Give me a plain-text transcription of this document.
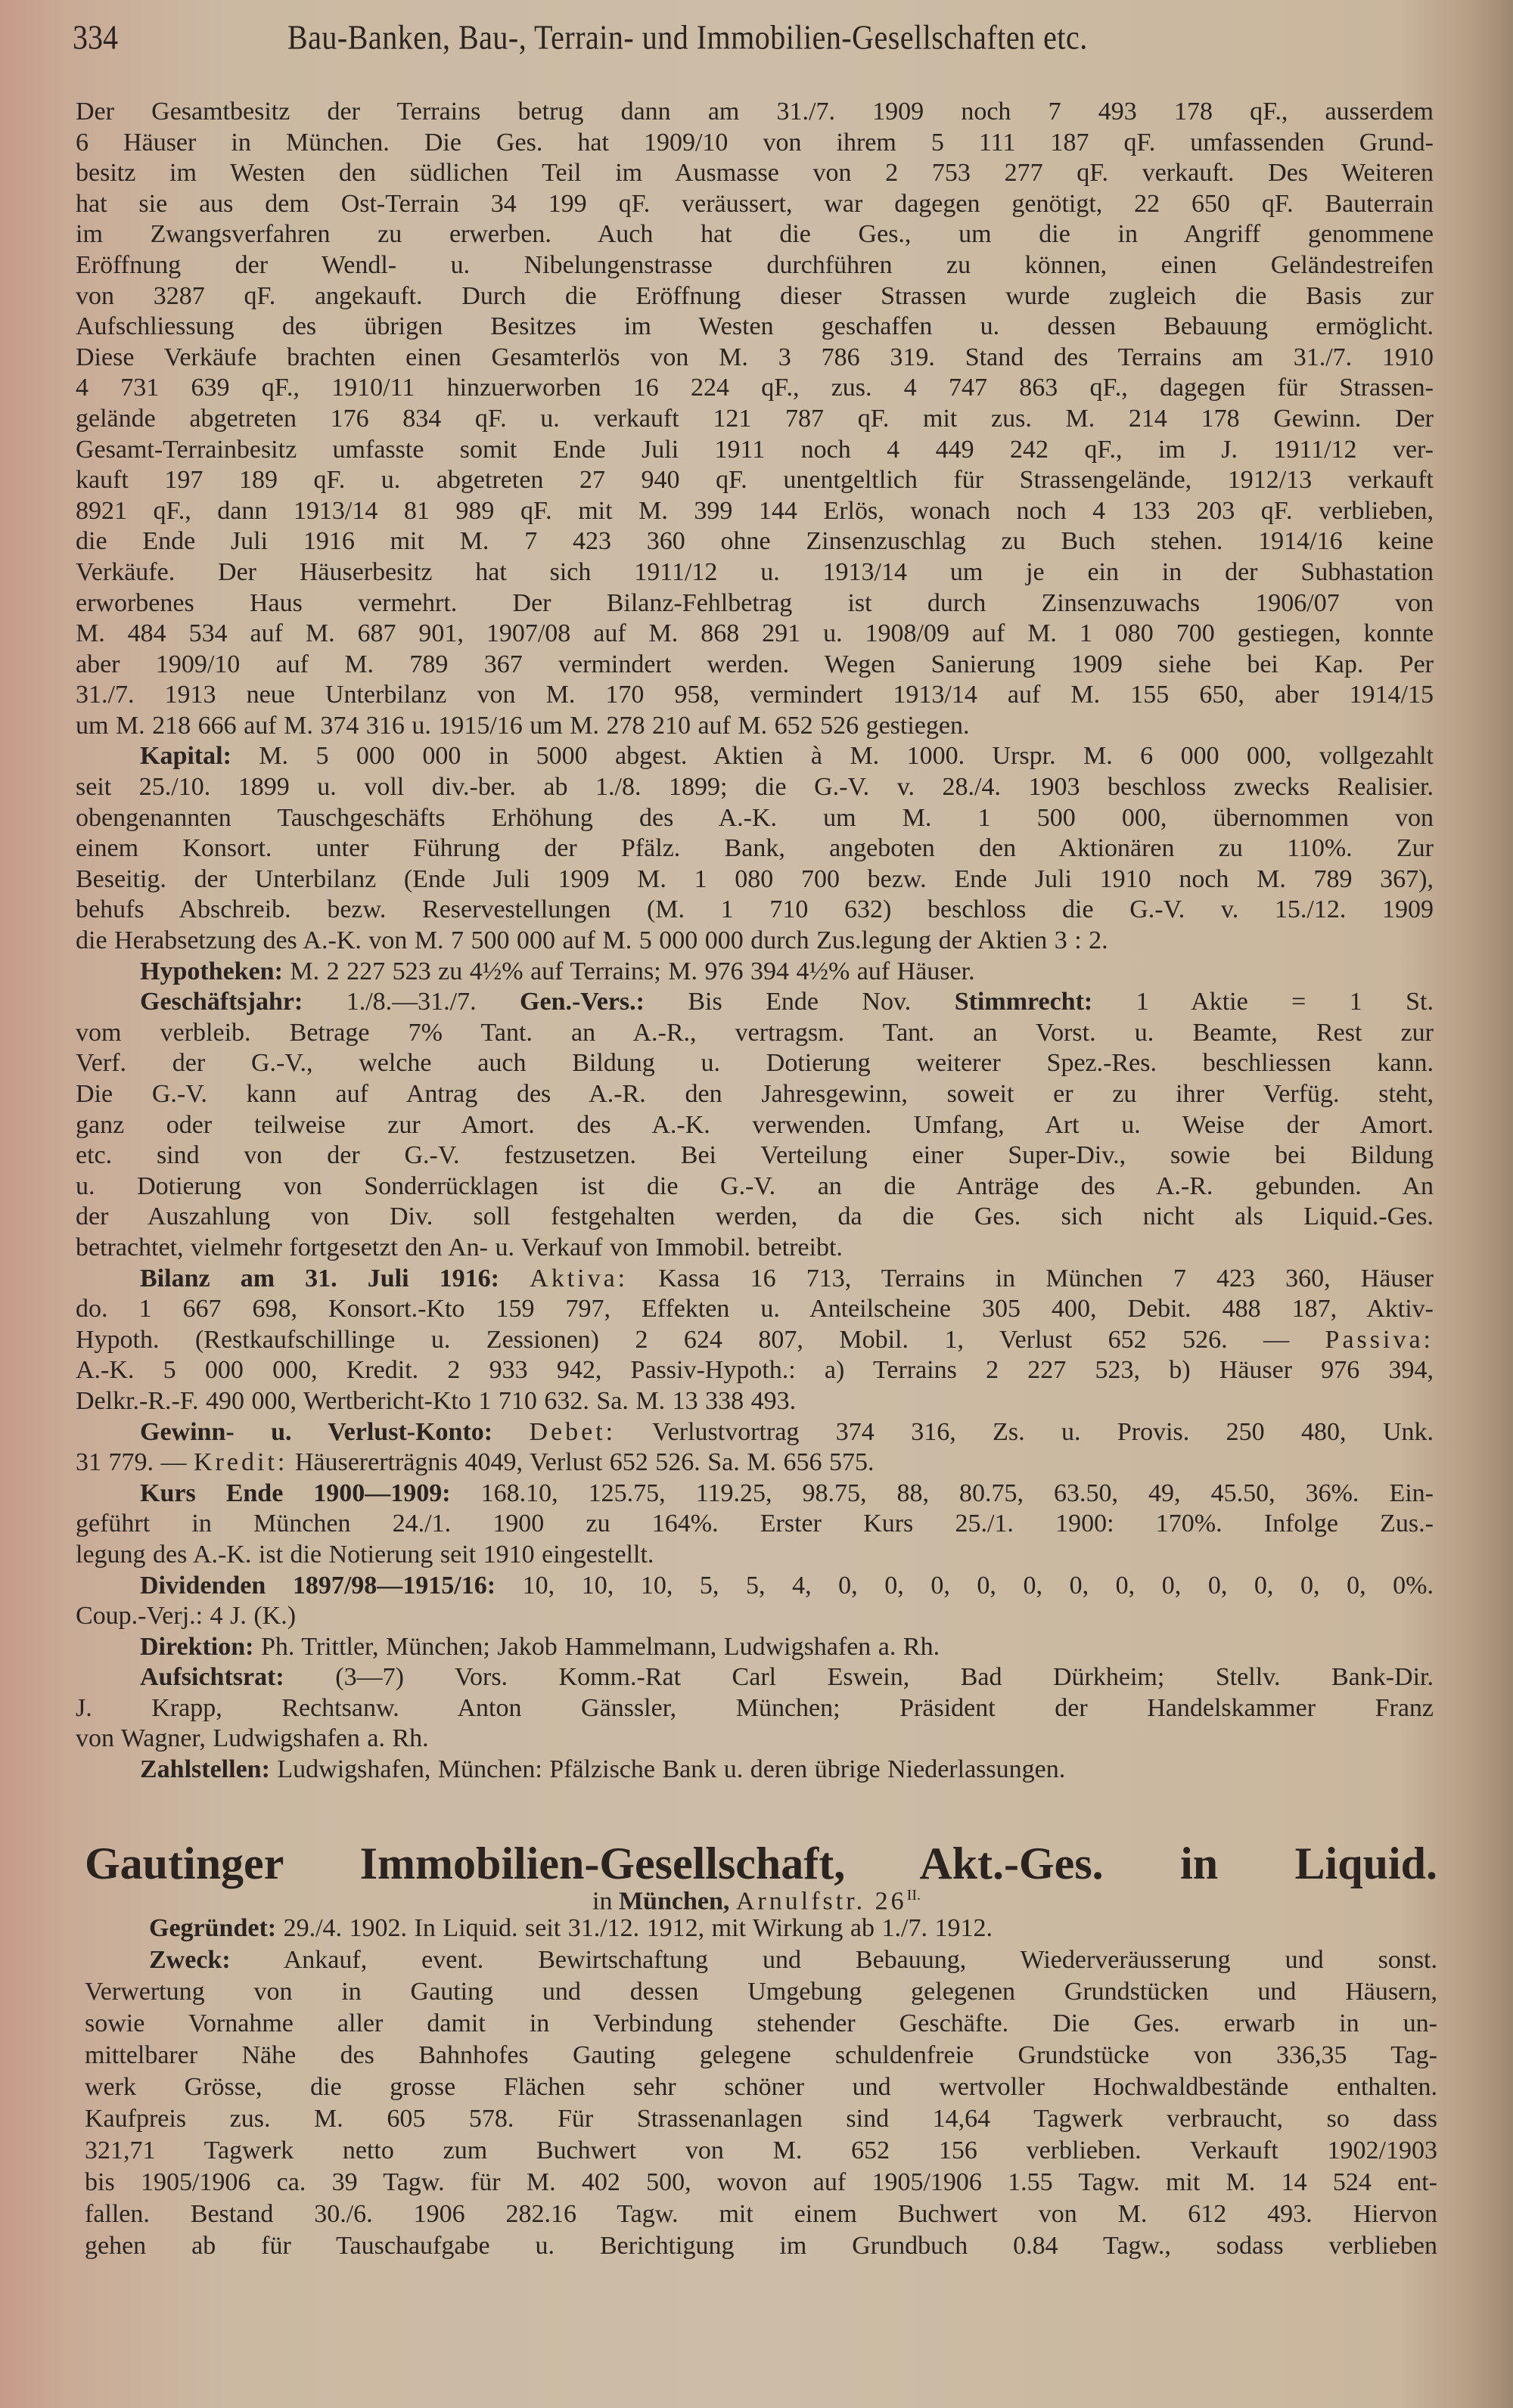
334	Bau-Banken, Bau-, Terrain- und Immobilien-Gesellschaften etc.
Der Gesamtbesitz der Terrains betrug dann am 31./7. 1909 noch 7 493 178 qF., ausserdem
6 Häuser in München. Die Ges. hat 1909/10 von ihrem 5 111 187 qF. umfassenden Grund-
besitz im Westen den südlichen Teil im Ausmasse von 2 753 277 qF. verkauft. Des Weiteren
hat sie aus dem Ost-Terrain 34 199 qF. veräussert, war dagegen genötigt, 22 650 qF. Bauterrain
im Zwangsverfahren zu erwerben. Auch hat die Ges., um die in Angriff genommene
Eröffnung der Wendl- u. Nibelungenstrasse durchführen zu können, einen Geländestreifen
von 3287 qF. angekauft. Durch die Eröffnung dieser Strassen wurde zugleich die Basis zur
Aufschliessung des übrigen Besitzes im Westen geschaffen u. dessen Bebauung ermöglicht.
Diese Verkäufe brachten einen Gesamterlös von M. 3 786 319. Stand des Terrains am 31./7. 1910
4 731 639 qF., 1910/11 hinzuerworben 16 224 qF., zus. 4 747 863 qF., dagegen für Strassen-
gelände abgetreten 176 834 qF. u. verkauft 121 787 qF. mit zus. M. 214 178 Gewinn. Der
Gesamt-Terrainbesitz umfasste somit Ende Juli 1911 noch 4 449 242 qF., im J. 1911/12 ver-
kauft 197 189 qF. u. abgetreten 27 940 qF. unentgeltlich für Strassengelände, 1912/13 verkauft
8921 qF., dann 1913/14 81 989 qF. mit M. 399 144 Erlös, wonach noch 4 133 203 qF. verblieben,
die Ende Juli 1916 mit M. 7 423 360 ohne Zinsenzuschlag zu Buch stehen. 1914/16 keine
Verkäufe. Der Häuserbesitz hat sich 1911/12 u. 1913/14 um je ein in der Subhastation
erworbenes Haus vermehrt. Der Bilanz-Fehlbetrag ist durch Zinsenzuwachs 1906/07 von
M. 484 534 auf M. 687 901, 1907/08 auf M. 868 291 u. 1908/09 auf M. 1 080 700 gestiegen, konnte
aber 1909/10 auf M. 789 367 vermindert werden. Wegen Sanierung 1909 siehe bei Kap. Per
31./7. 1913 neue Unterbilanz von M. 170 958, vermindert 1913/14 auf M. 155 650, aber 1914/15
um M. 218 666 auf M. 374 316 u. 1915/16 um M. 278 210 auf M. 652 526 gestiegen.
Kapital: M. 5 000 000 in 5000 abgest. Aktien à M. 1000. Urspr. M. 6 000 000, vollgezahlt
seit 25./10. 1899 u. voll div.-ber. ab 1./8. 1899; die G.-V. v. 28./4. 1903 beschloss zwecks Realisier.
obengenannten Tauschgeschäfts Erhöhung des A.-K. um M. 1 500 000, übernommen von
einem Konsort. unter Führung der Pfälz. Bank, angeboten den Aktionären zu 110%. Zur
Beseitig. der Unterbilanz (Ende Juli 1909 M. 1 080 700 bezw. Ende Juli 1910 noch M. 789 367),
behufs Abschreib. bezw. Reservestellungen (M. 1 710 632) beschloss die G.-V. v. 15./12. 1909
die Herabsetzung des A.-K. von M. 7 500 000 auf M. 5 000 000 durch Zus.legung der Aktien 3 : 2.
Hypotheken: M. 2 227 523 zu 4½% auf Terrains; M. 976 394 4½% auf Häuser.
Geschäftsjahr: 1./8.—31./7. Gen.-Vers.: Bis Ende Nov. Stimmrecht: 1 Aktie = 1 St.
vom verbleib. Betrage 7% Tant. an A.-R., vertragsm. Tant. an Vorst. u. Beamte, Rest zur
Verf. der G.-V., welche auch Bildung u. Dotierung weiterer Spez.-Res. beschliessen kann.
Die G.-V. kann auf Antrag des A.-R. den Jahresgewinn, soweit er zu ihrer Verfüg. steht,
ganz oder teilweise zur Amort. des A.-K. verwenden. Umfang, Art u. Weise der Amort.
etc. sind von der G.-V. festzusetzen. Bei Verteilung einer Super-Div., sowie bei Bildung
u. Dotierung von Sonderrücklagen ist die G.-V. an die Anträge des A.-R. gebunden. An
der Auszahlung von Div. soll festgehalten werden, da die Ges. sich nicht als Liquid.-Ges.
betrachtet, vielmehr fortgesetzt den An- u. Verkauf von Immobil. betreibt.
Bilanz am 31. Juli 1916: Aktiva: Kassa 16 713, Terrains in München 7 423 360, Häuser
do. 1 667 698, Konsort.-Kto 159 797, Effekten u. Anteilscheine 305 400, Debit. 488 187, Aktiv-
Hypoth. (Restkaufschillinge u. Zessionen) 2 624 807, Mobil. 1, Verlust 652 526. — Passiva:
A.-K. 5 000 000, Kredit. 2 933 942, Passiv-Hypoth.: a) Terrains 2 227 523, b) Häuser 976 394,
Delkr.-R.-F. 490 000, Wertbericht-Kto 1 710 632. Sa. M. 13 338 493.
Gewinn- u. Verlust-Konto: Debet: Verlustvortrag 374 316, Zs. u. Provis. 250 480, Unk.
31 779. — Kredit: Häusererträgnis 4049, Verlust 652 526. Sa. M. 656 575.
Kurs Ende 1900—1909: 168.10, 125.75, 119.25, 98.75, 88, 80.75, 63.50, 49, 45.50, 36%. Ein-
geführt in München 24./1. 1900 zu 164%. Erster Kurs 25./1. 1900: 170%. Infolge Zus.-
legung des A.-K. ist die Notierung seit 1910 eingestellt.
Dividenden 1897/98—1915/16: 10, 10, 10, 5, 5, 4, 0, 0, 0, 0, 0, 0, 0, 0, 0, 0, 0, 0, 0%.
Coup.-Verj.: 4 J. (K.)
Direktion: Ph. Trittler, München; Jakob Hammelmann, Ludwigshafen a. Rh.
Aufsichtsrat: (3—7) Vors. Komm.-Rat Carl Eswein, Bad Dürkheim; Stellv. Bank-Dir.
J. Krapp, Rechtsanw. Anton Gänssler, München; Präsident der Handelskammer Franz
von Wagner, Ludwigshafen a. Rh.
Zahlstellen: Ludwigshafen, München: Pfälzische Bank u. deren übrige Niederlassungen.
Gautinger Immobilien-Gesellschaft, Akt.-Ges. in Liquid.
in München, Arnulfstr. $26^{II.}$
Gegründet: 29./4. 1902. In Liquid. seit 31./12. 1912, mit Wirkung ab 1./7. 1912.
Zweck: Ankauf, event. Bewirtschaftung und Bebauung, Wiederveräusserung und sonst.
Verwertung von in Gauting und dessen Umgebung gelegenen Grundstücken und Häusern,
sowie Vornahme aller damit in Verbindung stehender Geschäfte. Die Ges. erwarb in un-
mittelbarer Nähe des Bahnhofes Gauting gelegene schuldenfreie Grundstücke von 336,35 Tag-
werk Grösse, die grosse Flächen sehr schöner und wertvoller Hochwaldbestände enthalten.
Kaufpreis zus. M. 605 578. Für Strassenanlagen sind 14,64 Tagwerk verbraucht, so dass
321,71 Tagwerk netto zum Buchwert von M. 652 156 verblieben. Verkauft 1902/1903
bis 1905/1906 ca. 39 Tagw. für M. 402 500, wovon auf 1905/1906 1.55 Tagw. mit M. 14 524 ent-
fallen. Bestand 30./6. 1906 282.16 Tagw. mit einem Buchwert von M. 612 493. Hiervon
gehen ab für Tauschaufgabe u. Berichtigung im Grundbuch 0.84 Tagw., sodass verblieben
